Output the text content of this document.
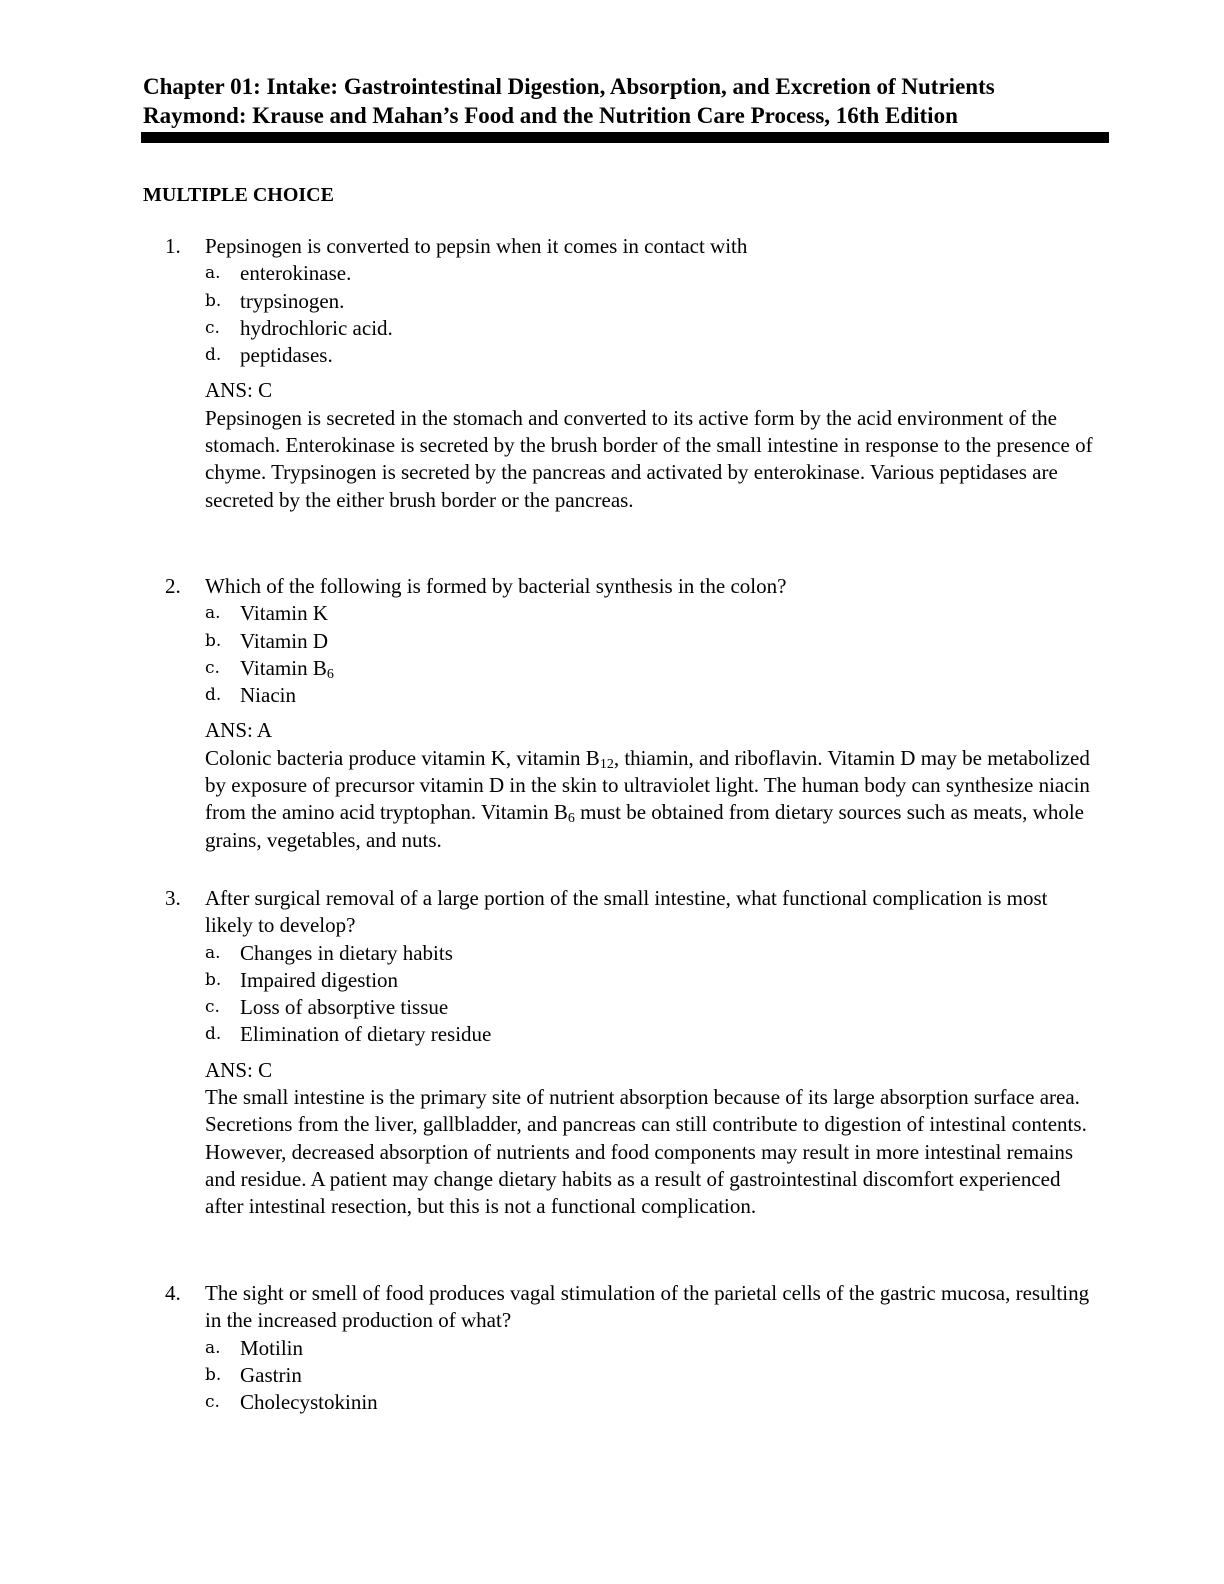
Chapter 01: Intake: Gastrointestinal Digestion, Absorption, and Excretion of Nutrients
Raymond: Krause and Mahan’s Food and the Nutrition Care Process, 16th Edition
MULTIPLE CHOICE
1.	Pepsinogen is converted to pepsin when it comes in contact with
a. enterokinase.
b. trypsinogen.
c. hydrochloric acid.
d. peptidases.
ANS: C
Pepsinogen is secreted in the stomach and converted to its active form by the acid environment of the stomach. Enterokinase is secreted by the brush border of the small intestine in response to the presence of chyme. Trypsinogen is secreted by the pancreas and activated by enterokinase. Various peptidases are secreted by the either brush border or the pancreas.
2.	Which of the following is formed by bacterial synthesis in the colon?
a. Vitamin K
b. Vitamin D
c. Vitamin $B_6$
d. Niacin
ANS: A
Colonic bacteria produce vitamin K, vitamin $B_{12}$, thiamin, and riboflavin. Vitamin D may be metabolized by exposure of precursor vitamin D in the skin to ultraviolet light. The human body can synthesize niacin from the amino acid tryptophan. Vitamin $B_6$ must be obtained from dietary sources such as meats, whole grains, vegetables, and nuts.
3.	After surgical removal of a large portion of the small intestine, what functional complication is most likely to develop?
a. Changes in dietary habits
b. Impaired digestion
c. Loss of absorptive tissue
d. Elimination of dietary residue
ANS: C
The small intestine is the primary site of nutrient absorption because of its large absorption surface area. Secretions from the liver, gallbladder, and pancreas can still contribute to digestion of intestinal contents. However, decreased absorption of nutrients and food components may result in more intestinal remains and residue. A patient may change dietary habits as a result of gastrointestinal discomfort experienced after intestinal resection, but this is not a functional complication.
4.	The sight or smell of food produces vagal stimulation of the parietal cells of the gastric mucosa, resulting in the increased production of what?
a. Motilin
b. Gastrin
c. Cholecystokinin
